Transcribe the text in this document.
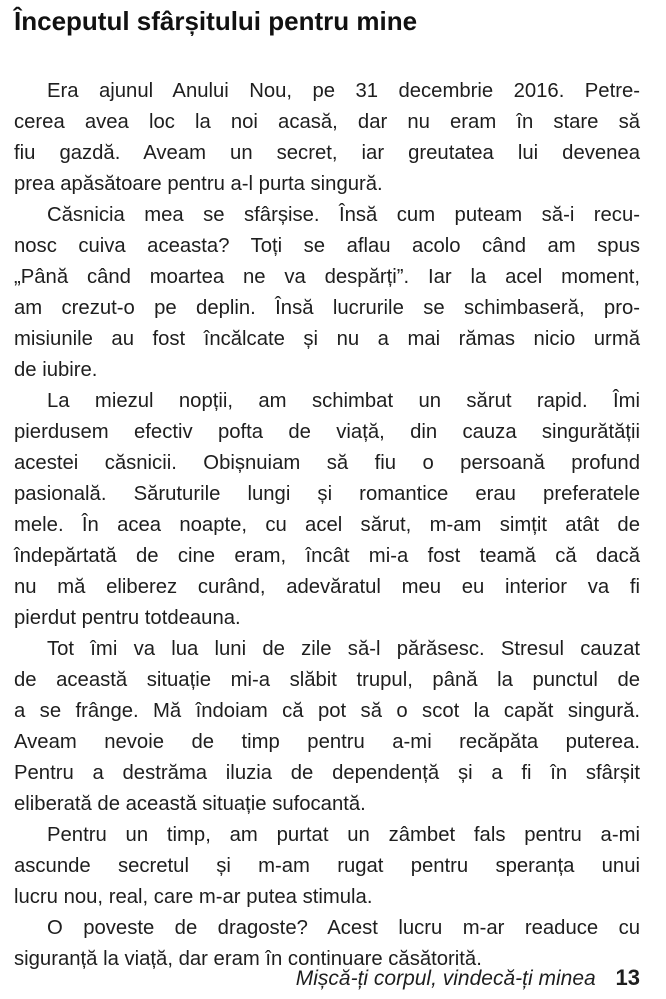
Începutul sfârșitului pentru mine
Era ajunul Anului Nou, pe 31 decembrie 2016. Petre-
cerea avea loc la noi acasă, dar nu eram în stare să
fiu gazdă. Aveam un secret, iar greutatea lui devenea
prea apăsătoare pentru a-l purta singură.
Căsnicia mea se sfârșise. Însă cum puteam să-i recu-
nosc cuiva aceasta? Toți se aflau acolo când am spus
„Până când moartea ne va despărți”. Iar la acel moment,
am crezut-o pe deplin. Însă lucrurile se schimbaseră, pro-
misiunile au fost încălcate și nu a mai rămas nicio urmă
de iubire.
La miezul nopții, am schimbat un sărut rapid. Îmi
pierdusem efectiv pofta de viață, din cauza singurătății
acestei căsnicii. Obișnuiam să fiu o persoană profund
pasională. Săruturile lungi și romantice erau preferatele
mele. În acea noapte, cu acel sărut, m-am simțit atât de
îndepărtată de cine eram, încât mi-a fost teamă că dacă
nu mă eliberez curând, adevăratul meu eu interior va fi
pierdut pentru totdeauna.
Tot îmi va lua luni de zile să-l părăsesc. Stresul cauzat
de această situație mi-a slăbit trupul, până la punctul de
a se frânge. Mă îndoiam că pot să o scot la capăt singură.
Aveam nevoie de timp pentru a-mi recăpăta puterea.
Pentru a destrăma iluzia de dependență și a fi în sfârșit
eliberată de această situație sufocantă.
Pentru un timp, am purtat un zâmbet fals pentru a-mi
ascunde secretul și m-am rugat pentru speranța unui
lucru nou, real, care m-ar putea stimula.
O poveste de dragoste? Acest lucru m-ar readuce cu
siguranță la viață, dar eram în continuare căsătorită.
Mișcă-ți corpul, vindecă-ți minea 13
